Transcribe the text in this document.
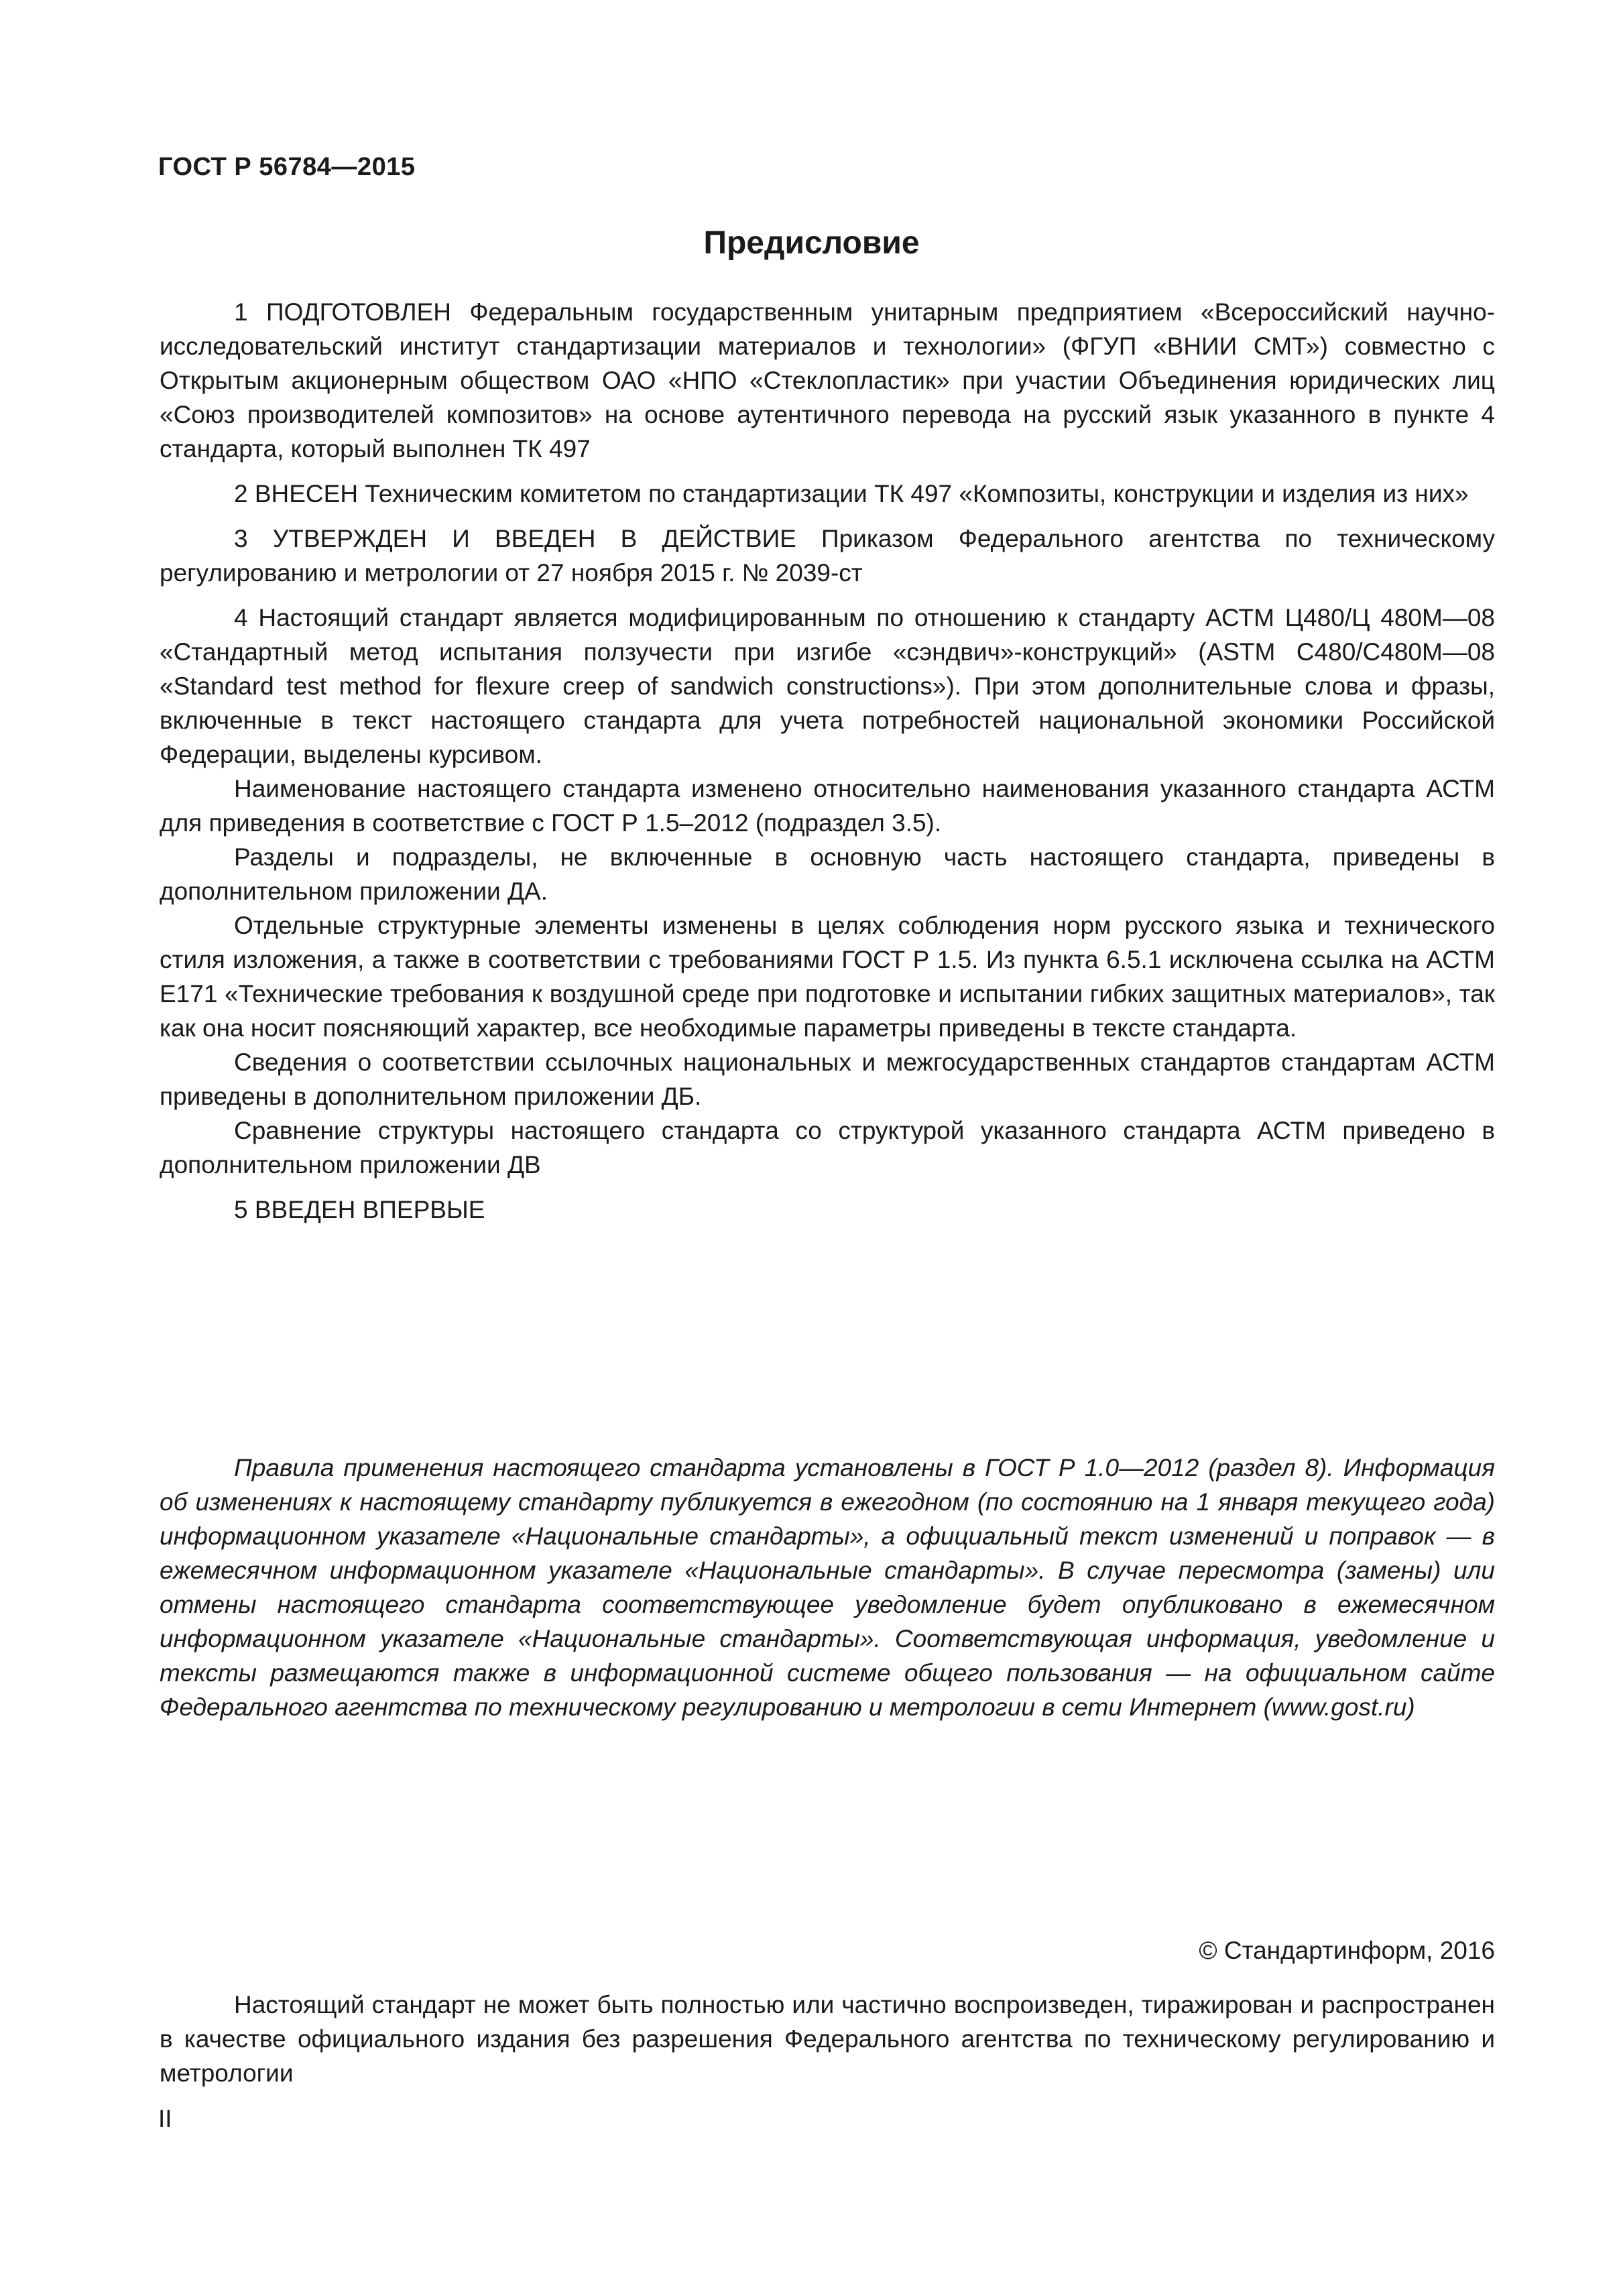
ГОСТ Р 56784—2015
Предисловие

1 ПОДГОТОВЛЕН Федеральным государственным унитарным предприятием «Всероссийский научно-исследовательский институт стандартизации материалов и технологии» (ФГУП «ВНИИ СМТ») совместно с Открытым акционерным обществом ОАО «НПО «Стеклопластик» при участии Объединения юридических лиц «Союз производителей композитов» на основе аутентичного перевода на русский язык указанного в пункте 4 стандарта, который выполнен ТК 497

2 ВНЕСЕН Техническим комитетом по стандартизации ТК 497 «Композиты, конструкции и изделия из них»

3 УТВЕРЖДЕН И ВВЕДЕН В ДЕЙСТВИЕ Приказом Федерального агентства по техническому регулированию и метрологии от 27 ноября 2015 г. № 2039-ст

4 Настоящий стандарт является модифицированным по отношению к стандарту АСТМ Ц480/Ц 480М—08 «Стандартный метод испытания ползучести при изгибе «сэндвич»-конструкций» (ASTM C480/C480M—08 «Standard test method for flexure creep of sandwich constructions»). При этом дополнительные слова и фразы, включенные в текст настоящего стандарта для учета потребностей национальной экономики Российской Федерации, выделены курсивом.

Наименование настоящего стандарта изменено относительно наименования указанного стандарта АСТМ для приведения в соответствие с ГОСТ Р 1.5–2012 (подраздел 3.5).

Разделы и подразделы, не включенные в основную часть настоящего стандарта, приведены в дополнительном приложении ДА.

Отдельные структурные элементы изменены в целях соблюдения норм русского языка и технического стиля изложения, а также в соответствии с требованиями ГОСТ Р 1.5. Из пункта 6.5.1 исключена ссылка на АСТМ Е171 «Технические требования к воздушной среде при подготовке и испытании гибких защитных материалов», так как она носит поясняющий характер, все необходимые параметры приведены в тексте стандарта.

Сведения о соответствии ссылочных национальных и межгосударственных стандартов стандартам АСТМ приведены в дополнительном приложении ДБ.

Сравнение структуры настоящего стандарта со структурой указанного стандарта АСТМ приведено в дополнительном приложении ДВ

5 ВВЕДЕН ВПЕРВЫЕ

Правила применения настоящего стандарта установлены в ГОСТ Р 1.0—2012 (раздел 8). Информация об изменениях к настоящему стандарту публикуется в ежегодном (по состоянию на 1 января текущего года) информационном указателе «Национальные стандарты», а официальный текст изменений и поправок — в ежемесячном информационном указателе «Национальные стандарты». В случае пересмотра (замены) или отмены настоящего стандарта соответствующее уведомление будет опубликовано в ежемесячном информационном указателе «Национальные стандарты». Соответствующая информация, уведомление и тексты размещаются также в информационной системе общего пользования — на официальном сайте Федерального агентства по техническому регулированию и метрологии в сети Интернет (www.gost.ru)

© Стандартинформ, 2016

Настоящий стандарт не может быть полностью или частично воспроизведен, тиражирован и распространен в качестве официального издания без разрешения Федерального агентства по техническому регулированию и метрологии

II
